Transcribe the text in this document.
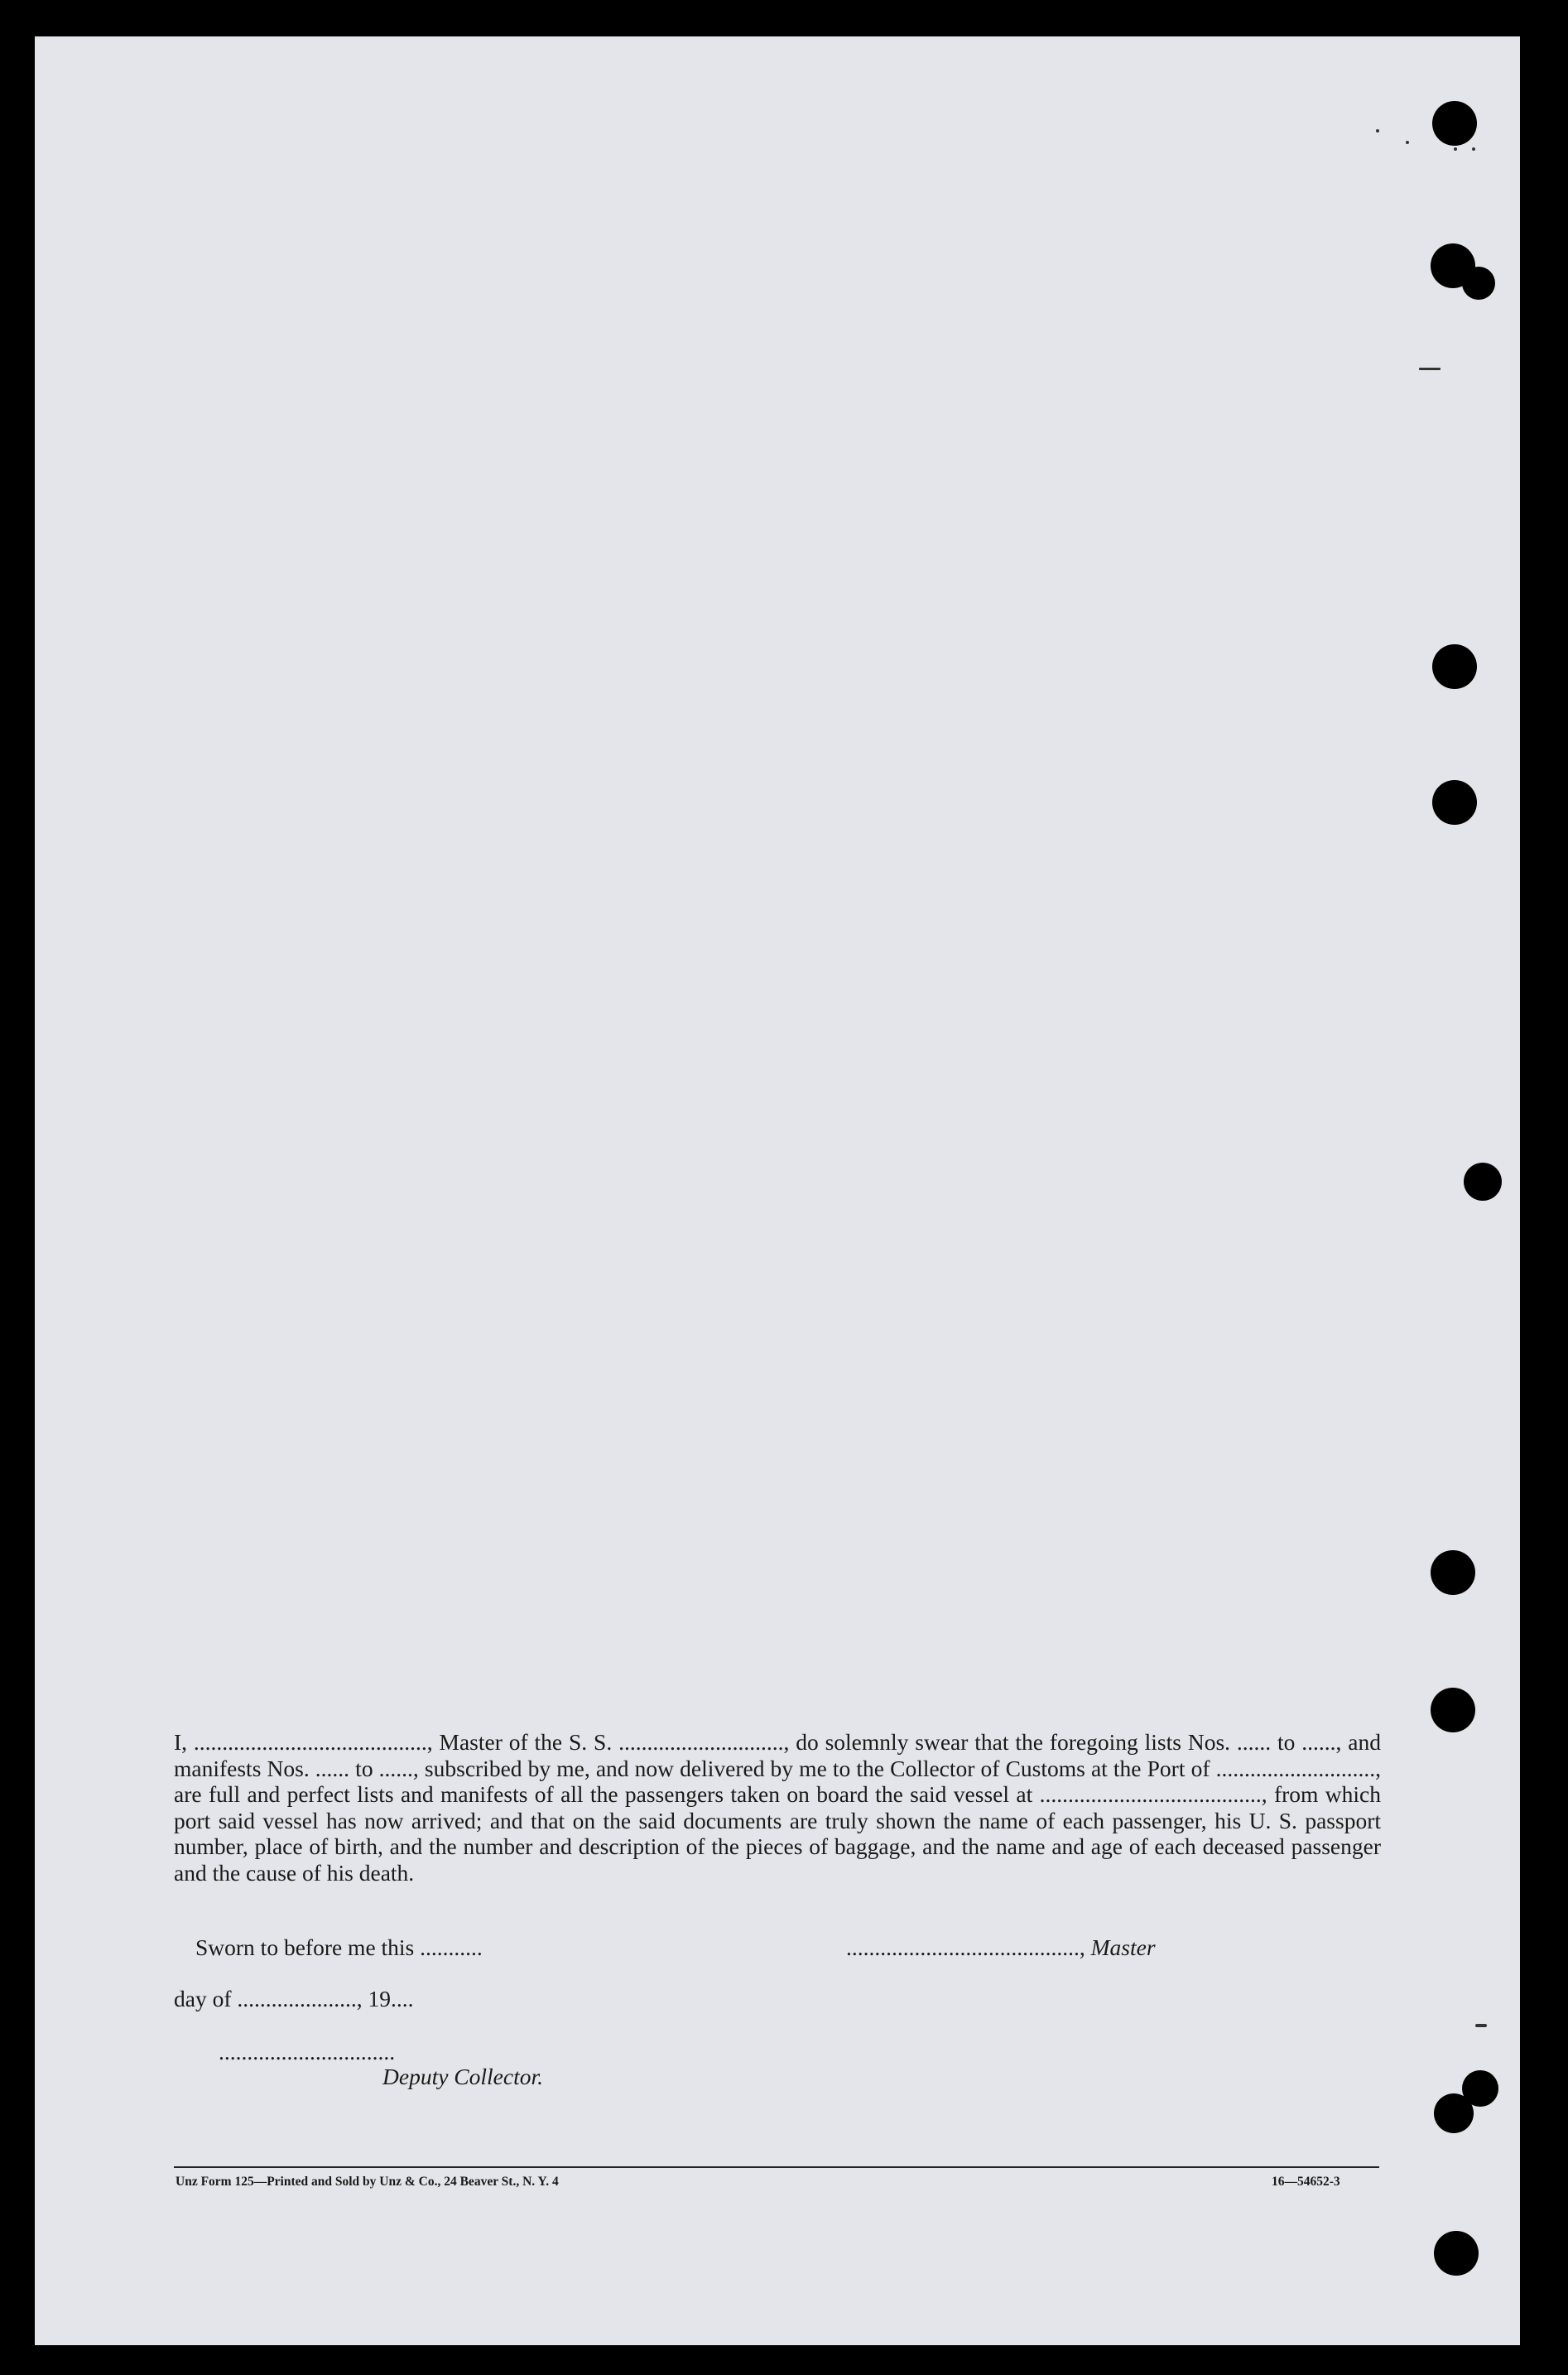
I, ........................................., Master of the S. S. ............................., do solemnly swear that the foregoing lists Nos. ...... to ......, and manifests Nos. ...... to ......, subscribed by me, and now delivered by me to the Collector of Customs at the Port of ............................, are full and perfect lists and manifests of all the passengers taken on board the said vessel at ......................................., from which port said vessel has now arrived; and that on the said documents are truly shown the name of each passenger, his U. S. passport number, place of birth, and the number and description of the pieces of baggage, and the name and age of each deceased passenger and the cause of his death.

Sworn to before me this ...........	........................................., Master
day of ....................., 19....
...............................
Deputy Collector.
Unz Form 125—Printed and Sold by Unz & Co., 24 Beaver St., N. Y. 4	16—54652-3
